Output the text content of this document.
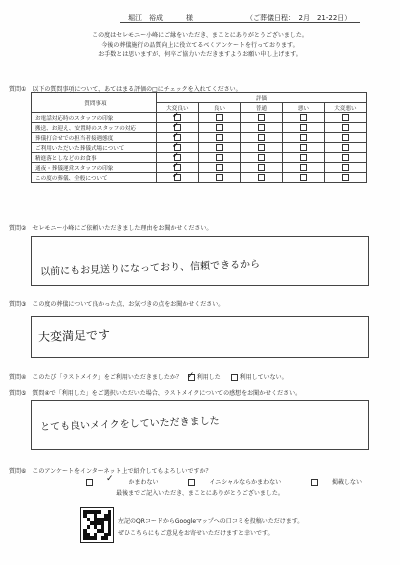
堀江　裕成	様	（ご葬儀日程：　2月　21-22日）
この度はセレモニー小峰にご縁をいただき、まことにありがとうございました。
今後の葬儀施行の品質向上に役立てるべくアンケートを行っております。
お手数とは思いますが、何卒ご協力いただきますようお願い申し上げます。
質問①　以下の質問事項について、あてはまる評価の□にチェックを入れてください。
質問事項	評価				
	大変良い	良い	普通	悪い	大変悪い
お電話対応時のスタッフの印象	✓				

搬送、お迎え、安置時のスタッフの対応	✓				

葬儀打合せでの担当者接遇態度	✓				

ご利用いただいた葬儀式場について	✓				

精進落としなどのお食事	✓				

通夜・葬儀運営スタッフの印象	✓				

この度の葬儀、全般について	✓				

質問②　セレモニー小峰にご依頼いただきました理由をお聞かせください。
以前にもお見送りになっており、信頼できるから
質問③　この度の葬儀について良かった点、お気づきの点をお聞かせください。
大変満足です
質問④　このたび「ラストメイク」をご利用いただきましたか？ ✓ 利用した	利用していない。
質問⑤　質問④で「利用した」をご選択いただいた場合、ラストメイクについての感想をお聞かせください。
とても良いメイクをしていただきました
質問⑥　このアンケートをインターネット上で紹介してもよろしいですか？
✓	かまわない	イニシャルならかまわない	掲載しない
最後までご記入いただき、まことにありがとうございました。
左記のQRコードからGoogleマップへの口コミを投稿いただけます。
ぜひこちらにもご意見をお寄せいただけますと幸いです。
